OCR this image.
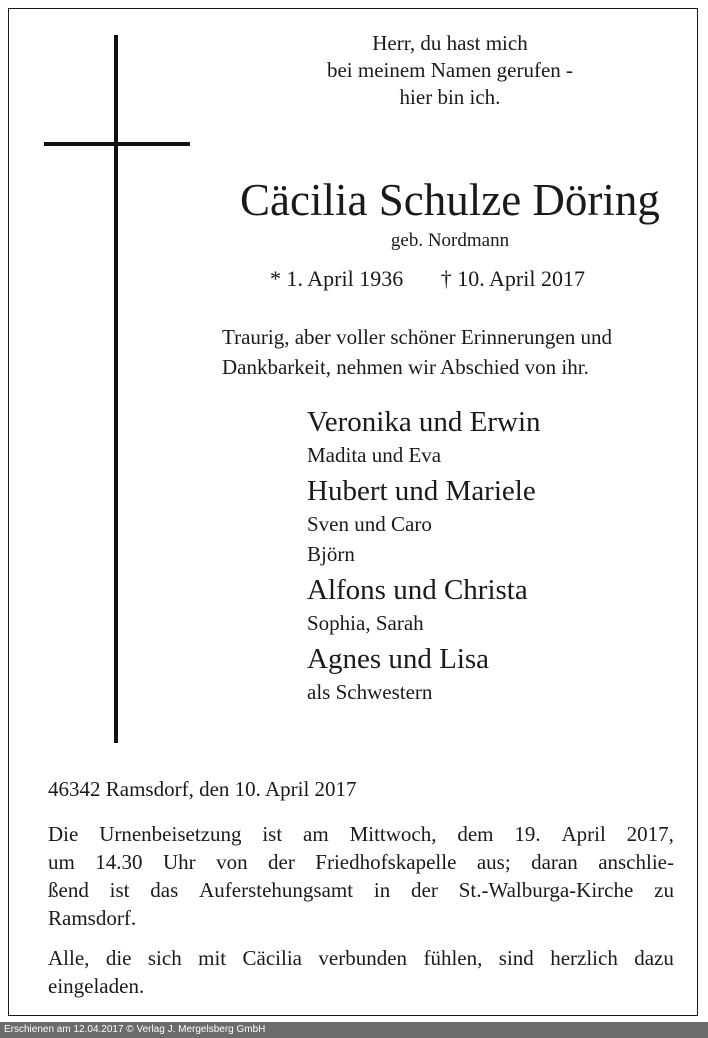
Herr, du hast mich
bei meinem Namen gerufen -
hier bin ich.
Cäcilia Schulze Döring
geb. Nordmann
* 1. April 1936 † 10. April 2017
Traurig, aber voller schöner Erinnerungen und
Dankbarkeit, nehmen wir Abschied von ihr.
Veronika und Erwin
Madita und Eva
Hubert und Mariele
Sven und Caro
Björn
Alfons und Christa
Sophia, Sarah
Agnes und Lisa
als Schwestern
46342 Ramsdorf, den 10. April 2017
Die Urnenbeisetzung ist am Mittwoch, dem 19. April 2017,
um 14.30 Uhr von der Friedhofskapelle aus; daran anschlie-
ßend ist das Auferstehungsamt in der St.-Walburga-Kirche zu
Ramsdorf.
Alle, die sich mit Cäcilia verbunden fühlen, sind herzlich dazu
eingeladen.
Erschienen am 12.04.2017 © Verlag J. Mergelsberg GmbH
